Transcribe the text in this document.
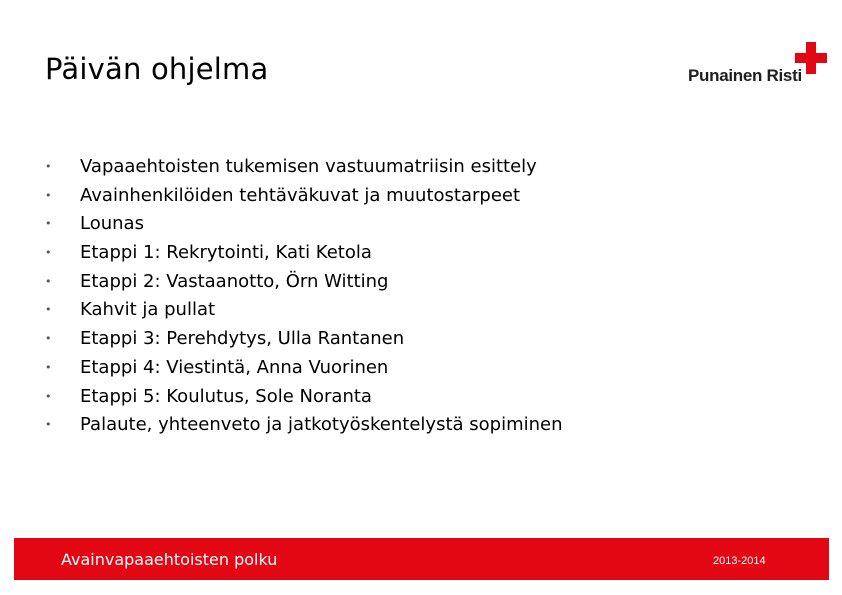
Päivän ohjelma	Punainen Risti
• Vapaaehtoisten tukemisen vastuumatriisin esittely
• Avainhenkilöiden tehtäväkuvat ja muutostarpeet
• Lounas
• Etappi 1: Rekrytointi, Kati Ketola
• Etappi 2: Vastaanotto, Örn Witting
• Kahvit ja pullat
• Etappi 3: Perehdytys, Ulla Rantanen
• Etappi 4: Viestintä, Anna Vuorinen
• Etappi 5: Koulutus, Sole Noranta
• Palaute, yhteenveto ja jatkotyöskentelystä sopiminen
Avainvapaaehtoisten polku	2013-2014
